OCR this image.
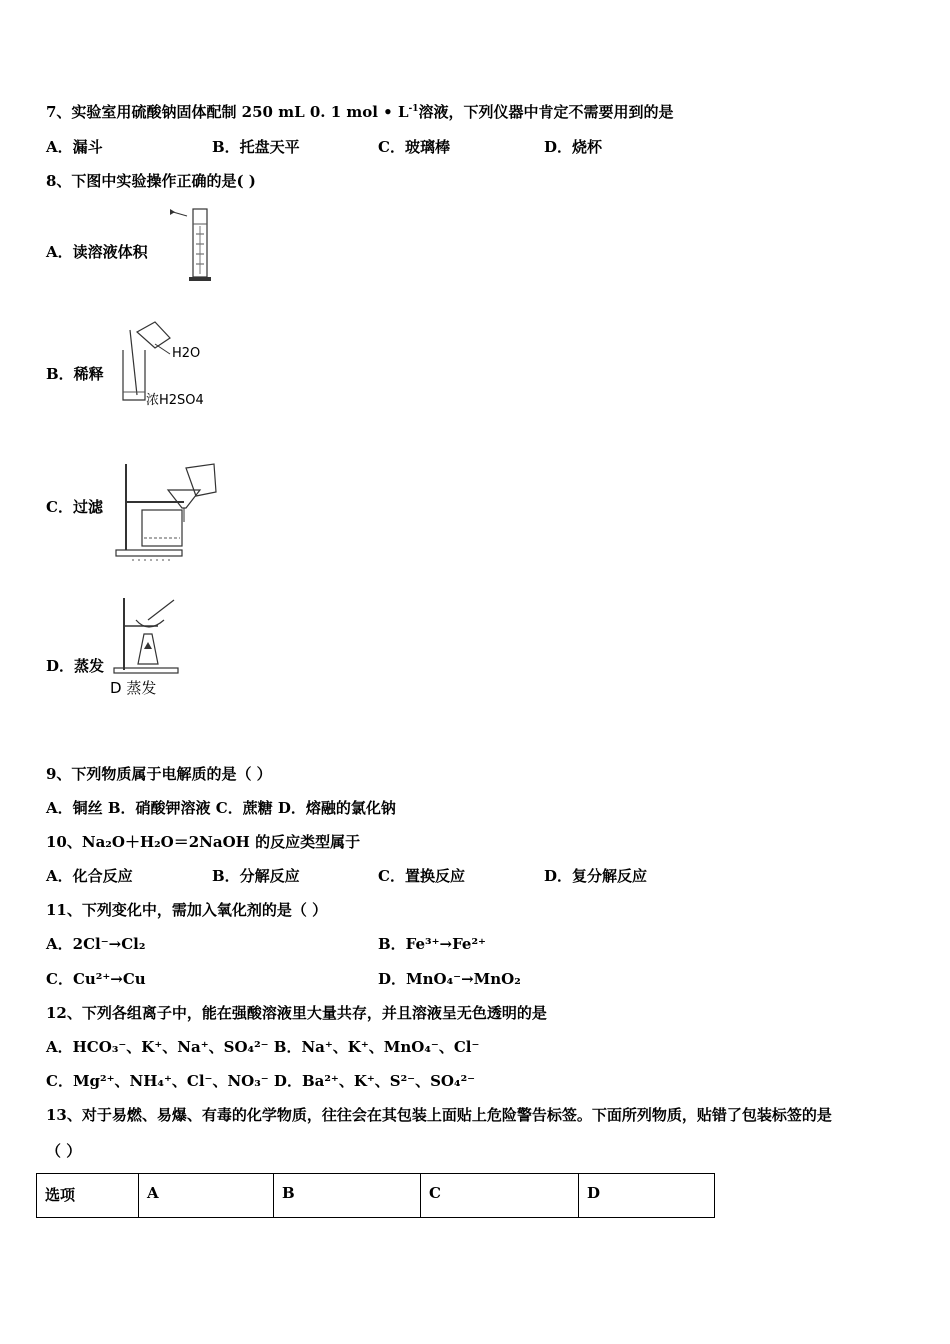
7、实验室用硫酸钠固体配制 250 mL 0. 1 mol • $L^{-1}$溶液，下列仪器中肯定不需要用到的是
A．漏斗	B．托盘天平	C．玻璃棒	D．烧杯
8、下图中实验操作正确的是( )
A．读溶液体积
B．稀释
H2O
浓H2SO4
C．过滤
D．蒸发
D 蒸发
9、下列物质属于电解质的是（ ）
A．铜丝 B．硝酸钾溶液 C．蔗糖 D．熔融的氯化钠
10、Na₂O＋H₂O＝2NaOH 的反应类型属于
A．化合反应	B．分解反应	C．置换反应	D．复分解反应
11、下列变化中，需加入氧化剂的是（ ）
A．2Cl⁻→Cl₂	B．Fe³⁺→Fe²⁺
C．Cu²⁺→Cu	D．MnO₄⁻→MnO₂
12、下列各组离子中，能在强酸溶液里大量共存，并且溶液呈无色透明的是
A．HCO₃⁻、K⁺、Na⁺、SO₄²⁻ B．Na⁺、K⁺、MnO₄⁻、Cl⁻
C．Mg²⁺、NH₄⁺、Cl⁻、NO₃⁻ D．Ba²⁺、K⁺、S²⁻、SO₄²⁻
13、对于易燃、易爆、有毒的化学物质，往往会在其包装上面贴上危险警告标签。下面所列物质，贴错了包装标签的是
（ ）
选项	A	B	C	D
